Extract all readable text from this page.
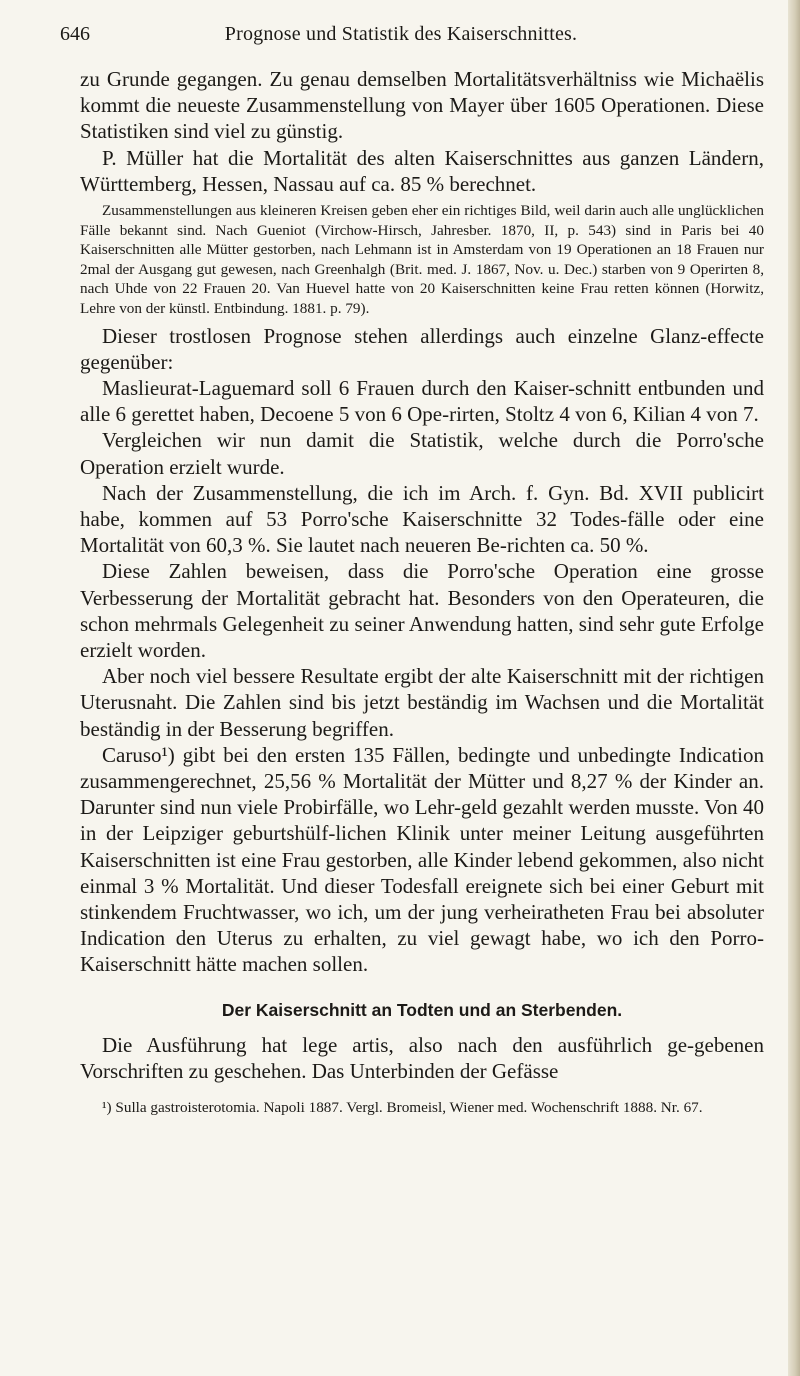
Prognose und Statistik des Kaiserschnittes.
646

zu Grunde gegangen. Zu genau demselben Mortalitätsverhältniss wie Michaëlis kommt die neueste Zusammenstellung von Mayer über 1605 Operationen. Diese Statistiken sind viel zu günstig.

P. Müller hat die Mortalität des alten Kaiserschnittes aus ganzen Ländern, Württemberg, Hessen, Nassau auf ca. 85 % berechnet.

Zusammenstellungen aus kleineren Kreisen geben eher ein richtiges Bild, weil darin auch alle unglücklichen Fälle bekannt sind. Nach Gueniot (Virchow-Hirsch, Jahresber. 1870, II, p. 543) sind in Paris bei 40 Kaiserschnitten alle Mütter gestorben, nach Lehmann ist in Amsterdam von 19 Operationen an 18 Frauen nur 2mal der Ausgang gut gewesen, nach Greenhalgh (Brit. med. J. 1867, Nov. u. Dec.) starben von 9 Operirten 8, nach Uhde von 22 Frauen 20. Van Huevel hatte von 20 Kaiserschnitten keine Frau retten können (Horwitz, Lehre von der künstl. Entbindung. 1881. p. 79).

Dieser trostlosen Prognose stehen allerdings auch einzelne Glanz-effecte gegenüber:

Maslieurat-Laguemard soll 6 Frauen durch den Kaiser-schnitt entbunden und alle 6 gerettet haben, Decoene 5 von 6 Ope-rirten, Stoltz 4 von 6, Kilian 4 von 7.

Vergleichen wir nun damit die Statistik, welche durch die Porro'sche Operation erzielt wurde.

Nach der Zusammenstellung, die ich im Arch. f. Gyn. Bd. XVII publicirt habe, kommen auf 53 Porro'sche Kaiserschnitte 32 Todes-fälle oder eine Mortalität von 60,3 %. Sie lautet nach neueren Be-richten ca. 50 %.

Diese Zahlen beweisen, dass die Porro'sche Operation eine grosse Verbesserung der Mortalität gebracht hat. Besonders von den Operateuren, die schon mehrmals Gelegenheit zu seiner Anwendung hatten, sind sehr gute Erfolge erzielt worden.

Aber noch viel bessere Resultate ergibt der alte Kaiserschnitt mit der richtigen Uterusnaht. Die Zahlen sind bis jetzt beständig im Wachsen und die Mortalität beständig in der Besserung begriffen.

Caruso¹) gibt bei den ersten 135 Fällen, bedingte und unbedingte Indication zusammengerechnet, 25,56 % Mortalität der Mütter und 8,27 % der Kinder an. Darunter sind nun viele Probirfälle, wo Lehr-geld gezahlt werden musste. Von 40 in der Leipziger geburtshülf-lichen Klinik unter meiner Leitung ausgeführten Kaiserschnitten ist eine Frau gestorben, alle Kinder lebend gekommen, also nicht einmal 3 % Mortalität. Und dieser Todesfall ereignete sich bei einer Geburt mit stinkendem Fruchtwasser, wo ich, um der jung verheiratheten Frau bei absoluter Indication den Uterus zu erhalten, zu viel gewagt habe, wo ich den Porro-Kaiserschnitt hätte machen sollen.

Der Kaiserschnitt an Todten und an Sterbenden.

Die Ausführung hat lege artis, also nach den ausführlich ge-gebenen Vorschriften zu geschehen. Das Unterbinden der Gefässe

¹) Sulla gastroisterotomia. Napoli 1887. Vergl. Bromeisl, Wiener med. Wochenschrift 1888. Nr. 67.
